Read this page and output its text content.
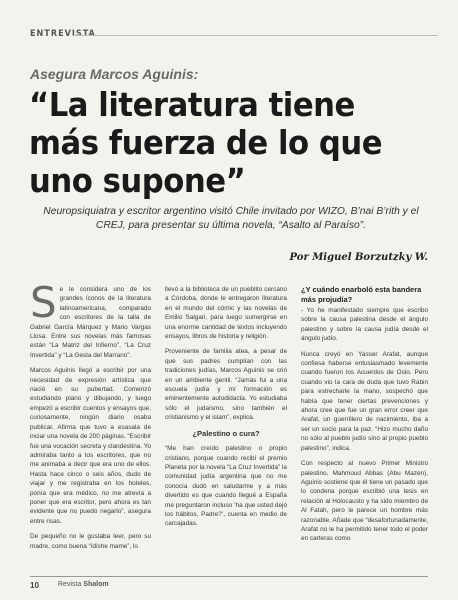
ENTREVISTA
Asegura Marcos Aguinis:
“La literatura tiene más fuerza de lo que uno supone”
Neuropsiquiatra y escritor argentino visitó Chile invitado por WIZO, B’nai B’rith y el CREJ, para presentar su última novela, “Asalto al Paraíso”.
Por Miguel Borzutzky W.

Se le considera uno de los grandes íconos de la literatura latinoamericana, comparado con escritores de la talla de Gabriel García Márquez y Mario Vargas Llosa. Entre sus novelas más famosas están “La Matriz del Infierno”, “La Cruz Invertida” y “La Gesta del Marrano”.

Marcos Aguinis llegó a escribir por una necesidad de expresión artística que nació en su pubertad. Comenzó estudiando piano y dibujando, y luego empezó a escribir cuentos y ensayos que, curiosamente, ningún diario osaba publicar. Afirma que tuvo a esasala de inciar una novela de 200 páginas. “Escribir fue una vocación secreta y clandestina. Yo admiraba tanto a los escritores, que no me animaba a decir que era uno de ellos. Hasta hace cinco o seis años, dudo de viajar y me registraba en los hoteles, ponía que era médico, no me atrevía a poner que era escritor, pero ahora es tan evidente que no puedo negarlo”, asegura entre risas.

De pequeño no le gustaba leer, pero su madre, como buena “ídishe mame”, lo

llevó a la biblioteca de un pueblito cercano a Córdoba, donde le entregaron literatura en el mundo del cómic y las novelas de Emilio Salgari, para luego sumergirse en una enorme cantidad de textos incluyendo ensayos, libros de historia y religión.

Proveniente de familia atea, a pesar de que sus padres cumplían con las tradiciones judías, Marcos Aguinis se crió en un ambiente gentil. “Jamás fui a una escuela judía y mi formación es eminentemente autodidacta. Yo estudiaba sólo el judaísmo, sino también el cristianismo y el islam”, explica.

¿Palestino o cura?

“Me han creído palestino o propio cristiano, porque cuando recibí el premio Planeta por la novela “La Cruz Invertida” la comunidad judía argentina que no me conocía dudó en saludarme y a más divertido es que cuando llegué a España me preguntaron incluso ‘ha que usted dejó los hábitos, Padre?’, cuenta en medio de carcajadas.

¿Y cuándo enarboló esta bandera más projudía?

- Yo he manifestado siempre que escribo sobre la causa palestina desde el ángulo palestino y sobre la causa judía desde el ángulo judío.

Nunca creyó en Yasser Arafat, aunque confiesa haberse entusiasmado levemente cuando fueron los Acuerdos de Oslo. Pero cuando vio la cara de duda que tuvo Rabin para estrecharle la mano, sospechó que había que tener ciertas prevenciones y ahora cree que fue un gran error creer que Arafat, un guerrillero de nacimiento, iba a ser un socio para la paz. “Hizo mucho daño no sólo al pueblo judío sino al propio pueblo palestino”, indica.

Con respecto al nuevo Primer Ministro palestino, Mahmoud Abbas (Abu Mazen), Aguinis sostiene que él tiene un pasado que lo condena porque escribió una tesis en relación al Holocausto y ha sido miembro de Al Fatah, pero le parece un hombre más razonable. Añade que “desafortunadamente, Arafat no le ha permitido tener todo el poder en carteras como

10	Revista Shalom
